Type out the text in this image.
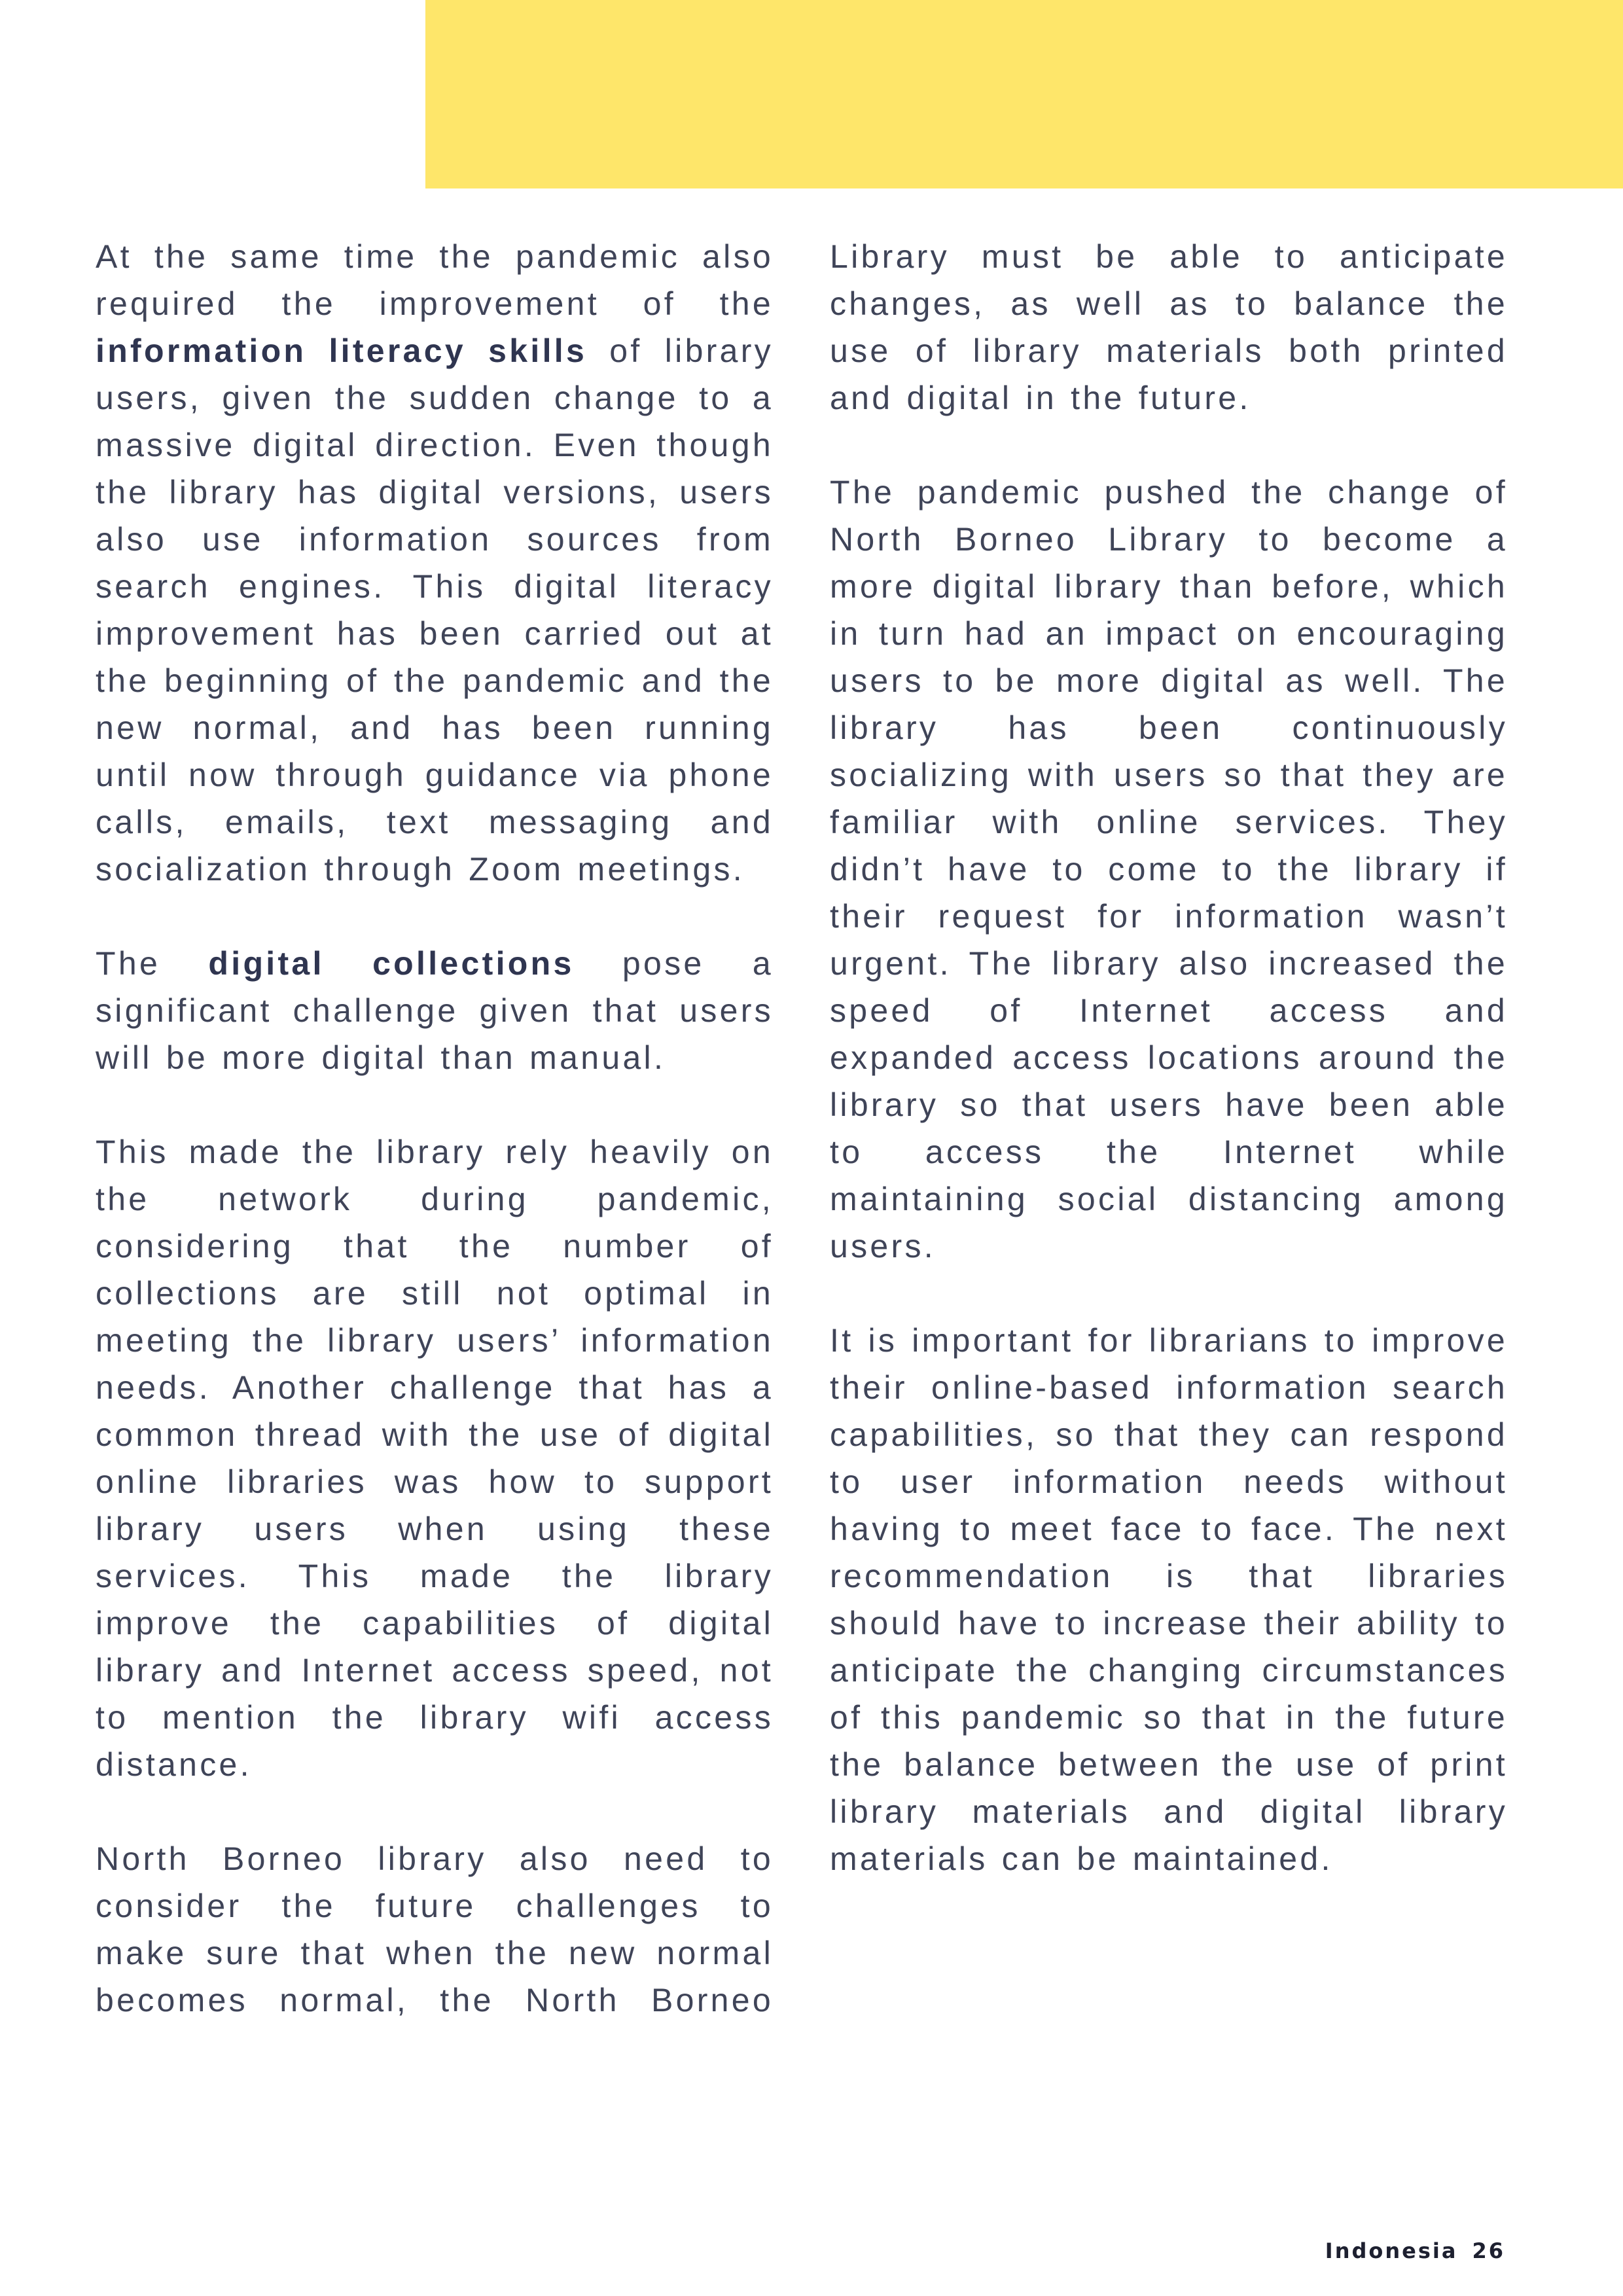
At the same time the pandemic also required the improvement of the information literacy skills of library users, given the sudden change to a massive digital direction. Even though the library has digital versions, users also use information sources from search engines. This digital literacy improvement has been carried out at the beginning of the pandemic and the new normal, and has been running until now through guidance via phone calls, emails, text messaging and socialization through Zoom meetings.

The digital collections pose a significant challenge given that users will be more digital than manual.

This made the library rely heavily on the network during pandemic, considering that the number of collections are still not optimal in meeting the library users’ information needs. Another challenge that has a common thread with the use of digital online libraries was how to support library users when using these services. This made the library improve the capabilities of digital library and Internet access speed, not to mention the library wifi access distance.

North Borneo library also need to consider the future challenges to make sure that when the new normal becomes normal, the North Borneo

Library must be able to anticipate changes, as well as to balance the use of library materials both printed and digital in the future.

The pandemic pushed the change of North Borneo Library to become a more digital library than before, which in turn had an impact on encouraging users to be more digital as well. The library has been continuously socializing with users so that they are familiar with online services. They didn’t have to come to the library if their request for information wasn’t urgent. The library also increased the speed of Internet access and expanded access locations around the library so that users have been able to access the Internet while maintaining social distancing among users.

It is important for librarians to improve their online-based information search capabilities, so that they can respond to user information needs without having to meet face to face. The next recommendation is that libraries should have to increase their ability to anticipate the changing circumstances of this pandemic so that in the future the balance between the use of print library materials and digital library materials can be maintained.

Indonesia 26
